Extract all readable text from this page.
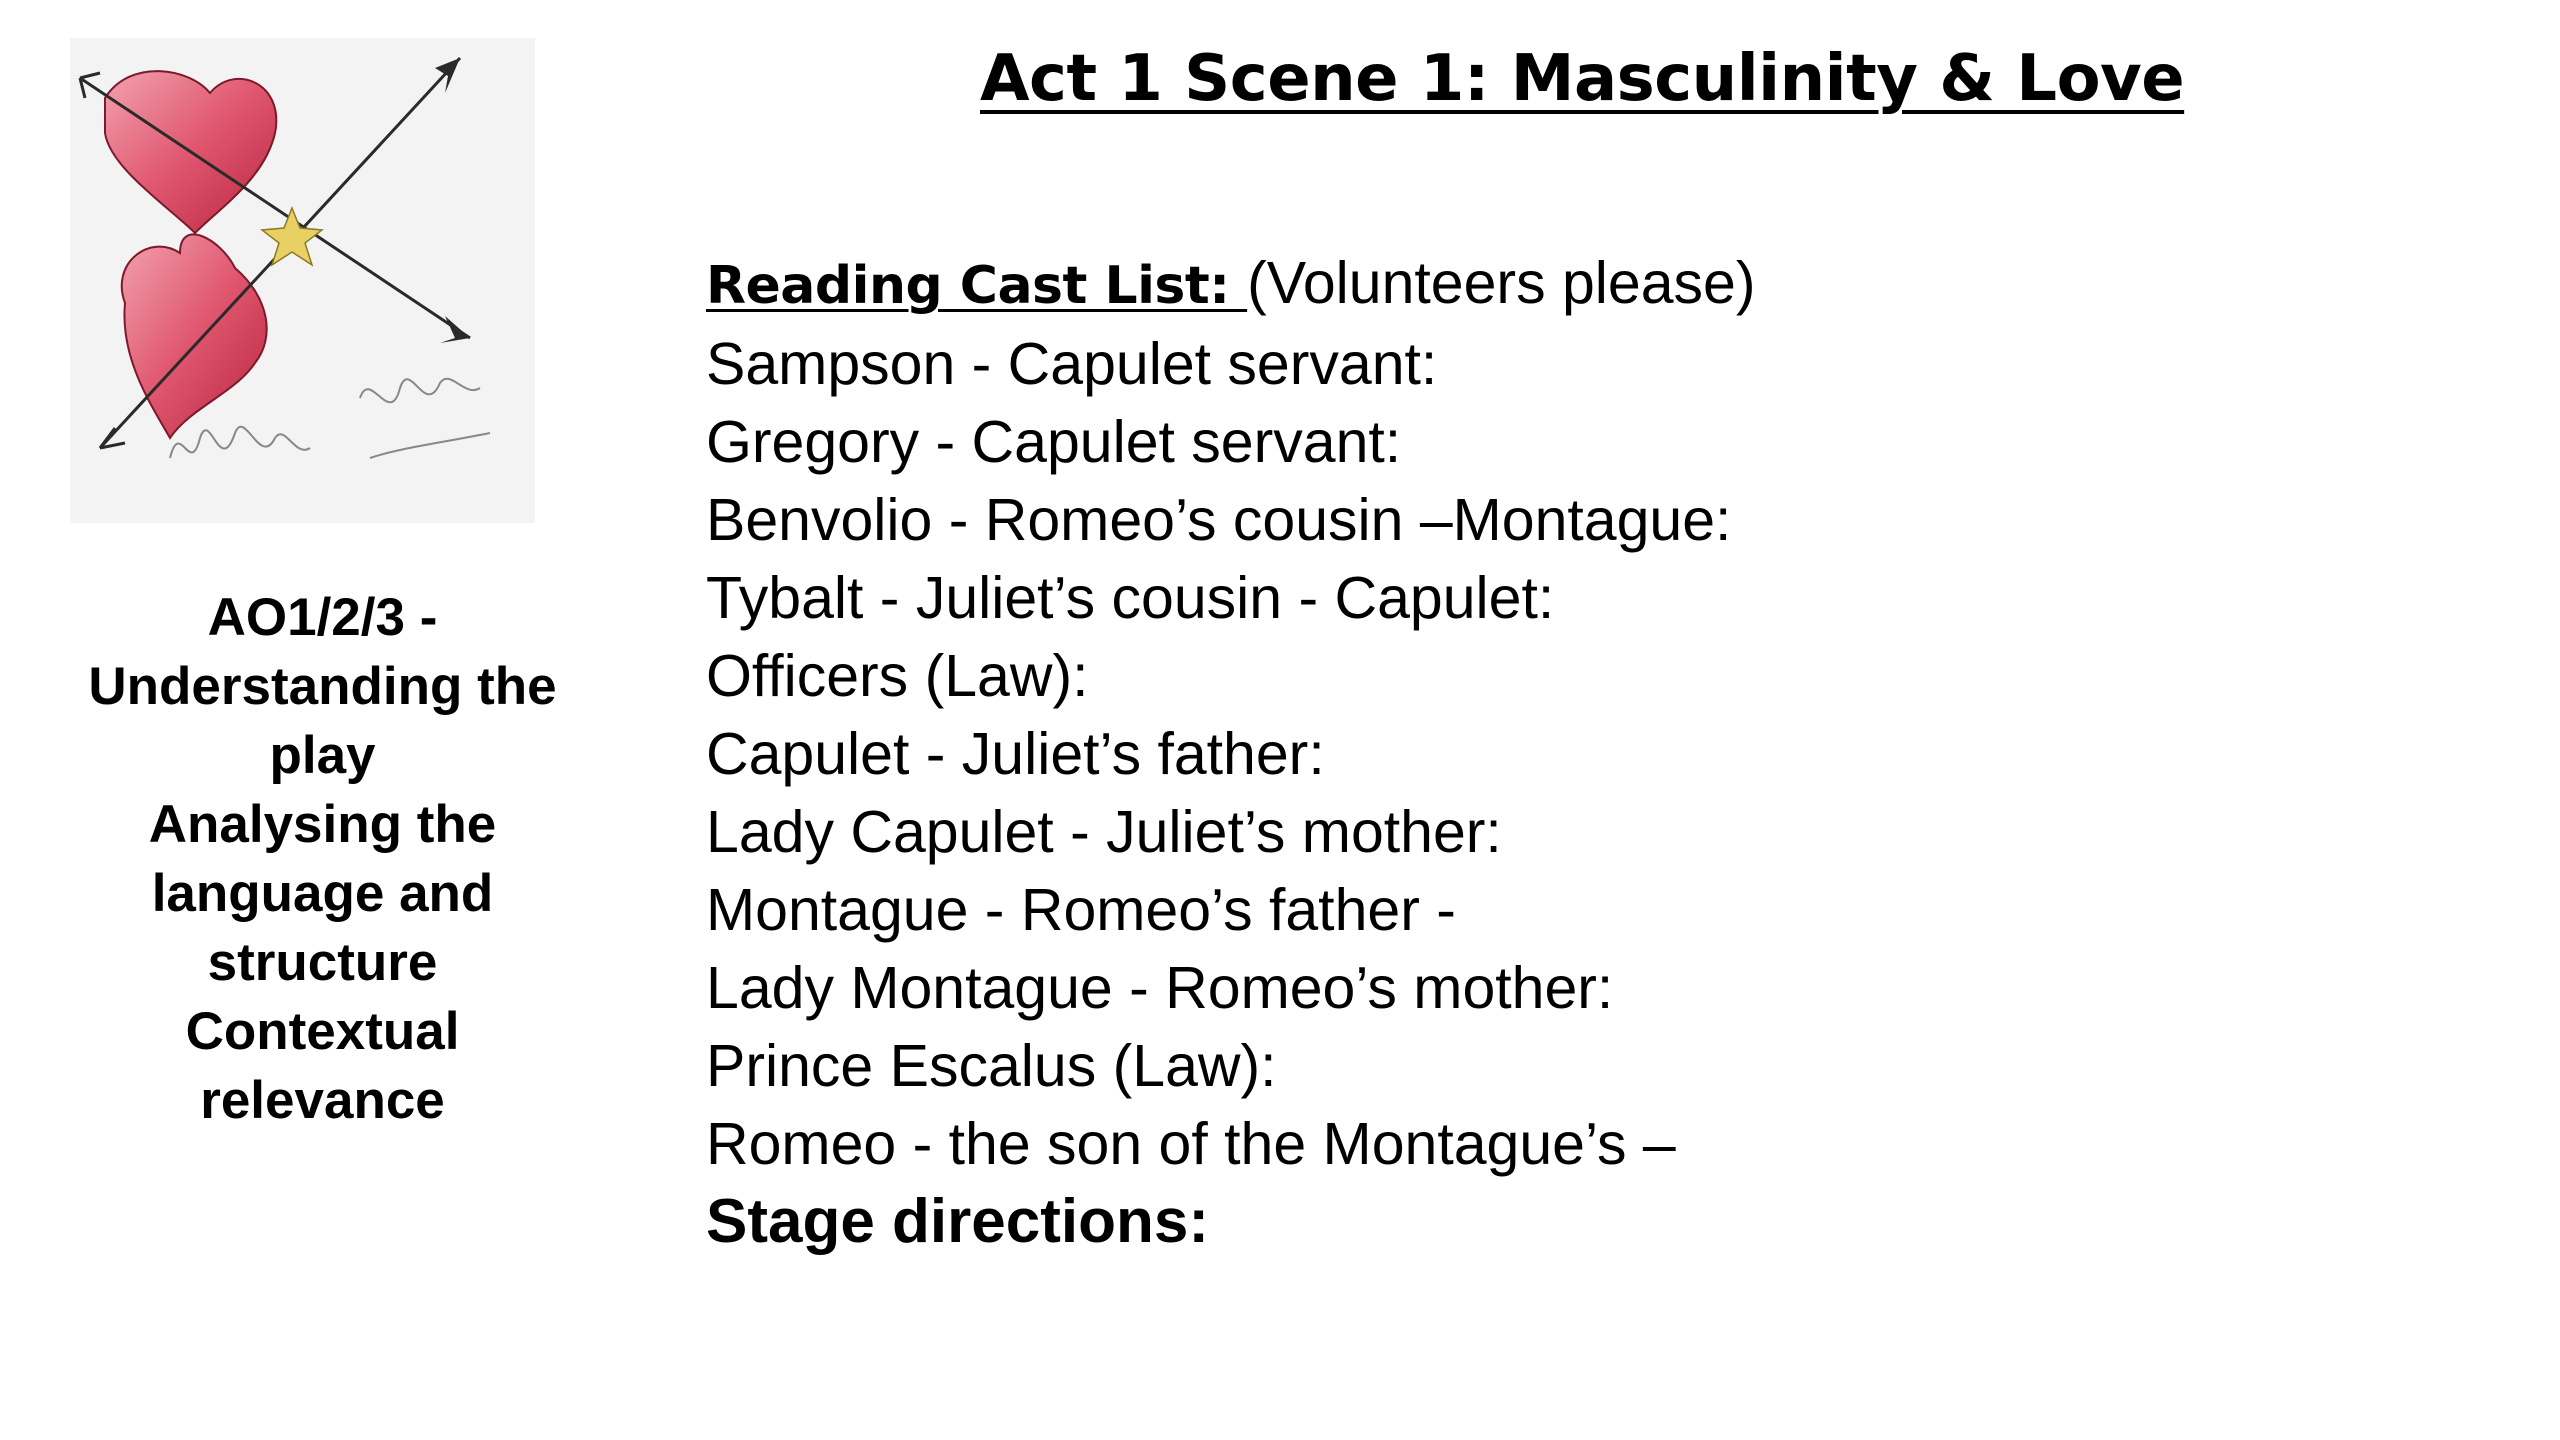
Act 1 Scene 1: Masculinity & Love
AO1/2/3 -
Understanding the
play
Analysing the
language and
structure
Contextual
relevance
Reading Cast List: (Volunteers please)
Sampson - Capulet servant:
Gregory - Capulet servant:
Benvolio - Romeo’s cousin –Montague:
Tybalt - Juliet’s cousin - Capulet:
Officers (Law):
Capulet - Juliet’s father:
Lady Capulet - Juliet’s mother:
Montague - Romeo’s father -
Lady Montague - Romeo’s mother:
Prince Escalus (Law):
Romeo - the son of the Montague’s –
Stage directions:
